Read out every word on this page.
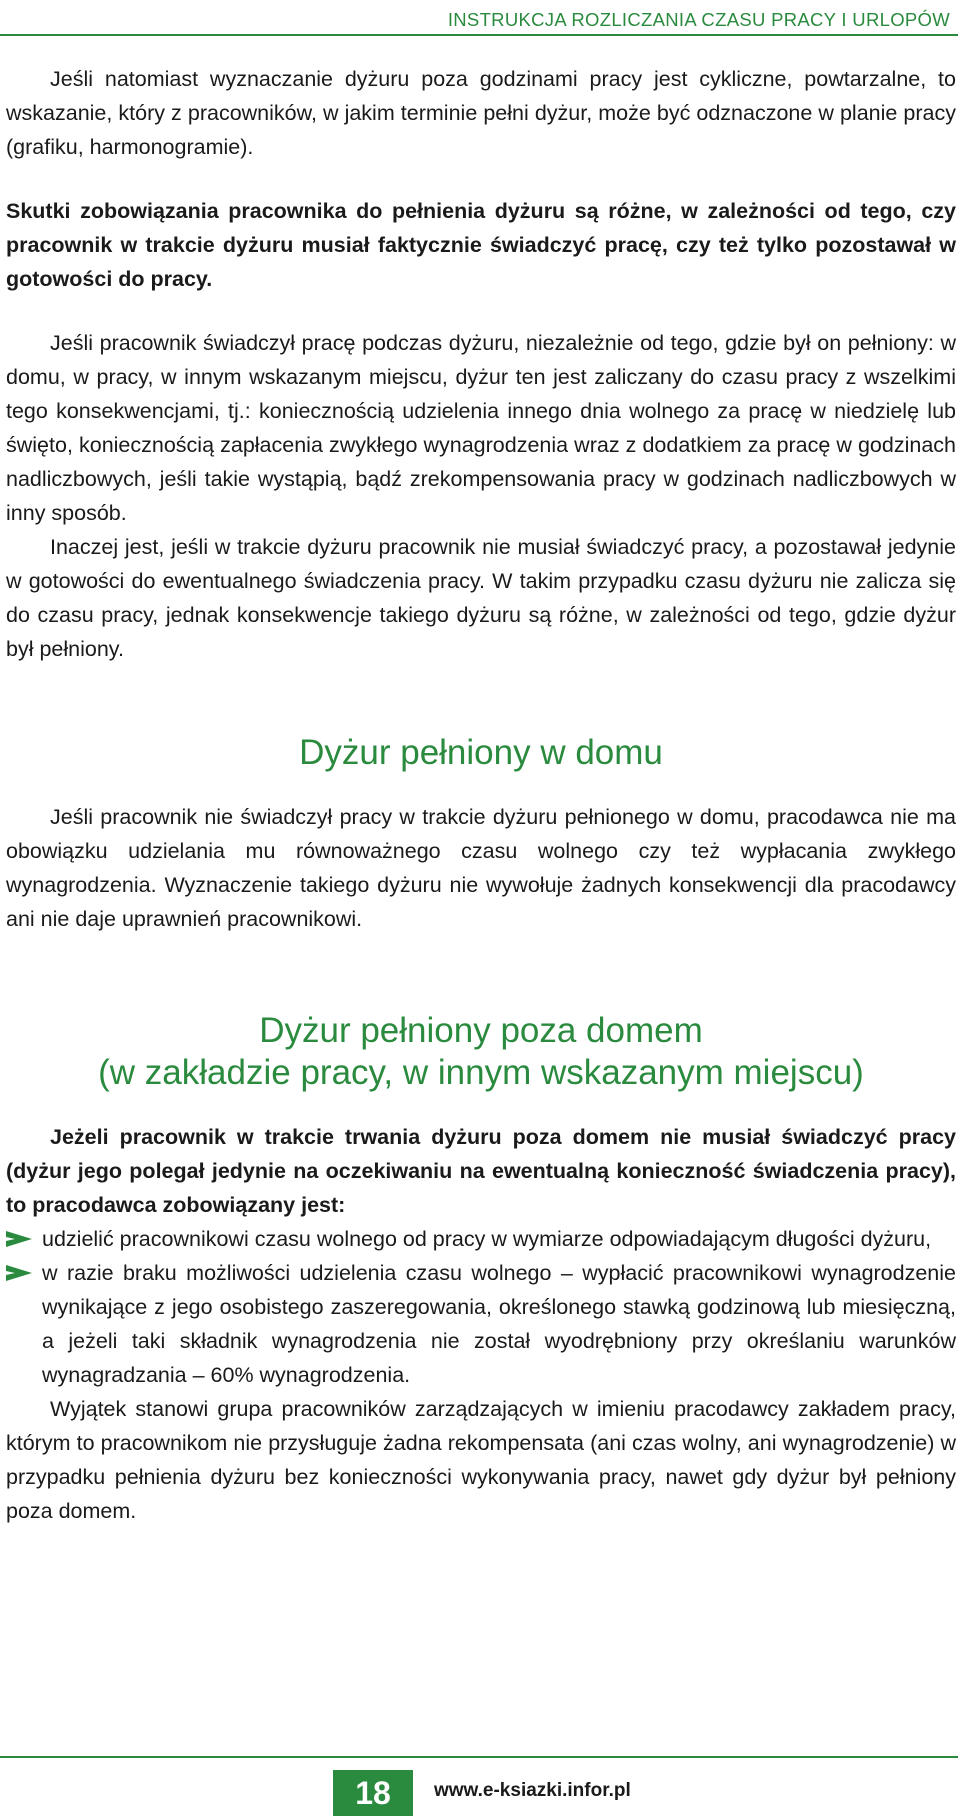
INSTRUKCJA ROZLICZANIA CZASU PRACY I URLOPÓW

Jeśli natomiast wyznaczanie dyżuru poza godzinami pracy jest cykliczne, powtarzalne, to wskazanie, który z pracowników, w jakim terminie pełni dyżur, może być odznaczone w planie pracy (grafiku, harmonogramie).

Skutki zobowiązania pracownika do pełnienia dyżuru są różne, w zależności od tego, czy pracownik w trakcie dyżuru musiał faktycznie świadczyć pracę, czy też tylko pozostawał w gotowości do pracy.

Jeśli pracownik świadczył pracę podczas dyżuru, niezależnie od tego, gdzie był on pełniony: w domu, w pracy, w innym wskazanym miejscu, dyżur ten jest zaliczany do czasu pracy z wszelkimi tego konsekwencjami, tj.: koniecznością udzielenia innego dnia wolnego za pracę w niedzielę lub święto, koniecznością zapłacenia zwykłego wynagrodzenia wraz z dodatkiem za pracę w godzinach nadliczbowych, jeśli takie wystąpią, bądź zrekompensowania pracy w godzinach nadliczbowych w inny sposób.

Inaczej jest, jeśli w trakcie dyżuru pracownik nie musiał świadczyć pracy, a pozostawał jedynie w gotowości do ewentualnego świadczenia pracy. W takim przypadku czasu dyżuru nie zalicza się do czasu pracy, jednak konsekwencje takiego dyżuru są różne, w zależności od tego, gdzie dyżur był pełniony.

Dyżur pełniony w domu

Jeśli pracownik nie świadczył pracy w trakcie dyżuru pełnionego w domu, pracodawca nie ma obowiązku udzielania mu równoważnego czasu wolnego czy też wypłacania zwykłego wynagrodzenia. Wyznaczenie takiego dyżuru nie wywołuje żadnych konsekwencji dla pracodawcy ani nie daje uprawnień pracownikowi.

Dyżur pełniony poza domem
(w zakładzie pracy, w innym wskazanym miejscu)

Jeżeli pracownik w trakcie trwania dyżuru poza domem nie musiał świadczyć pracy (dyżur jego polegał jedynie na oczekiwaniu na ewentualną konieczność świadczenia pracy), to pracodawca zobowiązany jest:

udzielić pracownikowi czasu wolnego od pracy w wymiarze odpowiadającym długości dyżuru,
w razie braku możliwości udzielenia czasu wolnego – wypłacić pracownikowi wynagrodzenie wynikające z jego osobistego zaszeregowania, określonego stawką godzinową lub miesięczną, a jeżeli taki składnik wynagrodzenia nie został wyodrębniony przy określaniu warunków wynagradzania – 60% wynagrodzenia.

Wyjątek stanowi grupa pracowników zarządzających w imieniu pracodawcy zakładem pracy, którym to pracownikom nie przysługuje żadna rekompensata (ani czas wolny, ani wynagrodzenie) w przypadku pełnienia dyżuru bez konieczności wykonywania pracy, nawet gdy dyżur był pełniony poza domem.

18	www.e-ksiazki.infor.pl
